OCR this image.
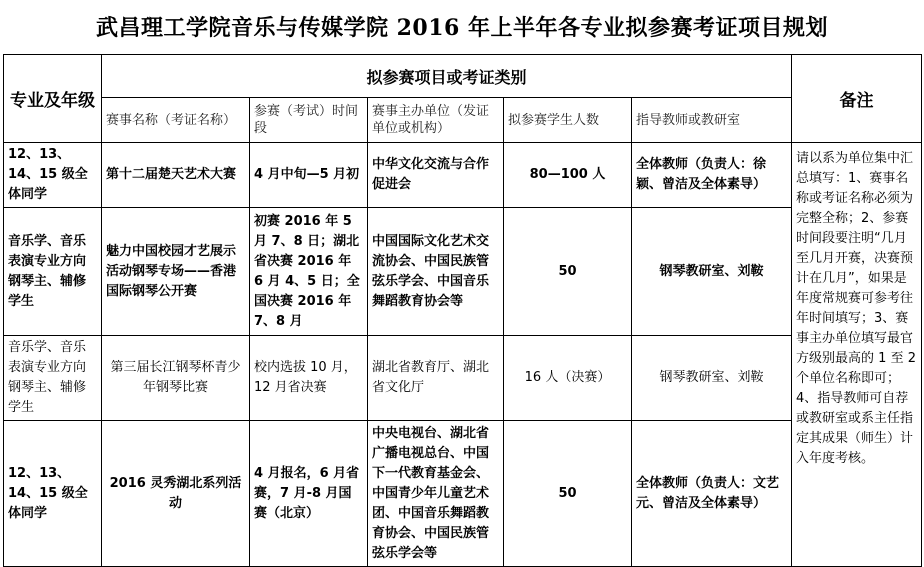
武昌理工学院音乐与传媒学院 2016 年上半年各专业拟参赛考证项目规划
专业及年级	拟参赛项目或考证类别					备注
	赛事名称（考证名称）	参赛（考试）时间段	赛事主办单位（发证单位或机构）	拟参赛学生人数	指导教师或教研室	
12、13、14、15 级全体同学	第十二届楚天艺术大赛	4 月中旬—5 月初	中华文化交流与合作促进会	80—100 人	全体教师（负责人：徐颖、曾洁及全体素导）	请以系为单位集中汇总填写：1、赛事名称或考证名称必须为完整全称；2、参赛时间段要注明“几月至几月开赛，决赛预计在几月”，如果是年度常规赛可参考往年时间填写；3、赛事主办单位填写最官方级别最高的 1 至 2 个单位名称即可；4、指导教师可自荐或教研室或系主任指定其成果（师生）计入年度考核。
音乐学、音乐表演专业方向钢琴主、辅修学生	魅力中国校园才艺展示活动钢琴专场——香港国际钢琴公开赛	初赛 2016 年 5 月 7、8 日；湖北省决赛 2016 年 6 月 4、5 日；全国决赛 2016 年 7、8 月	中国国际文化艺术交流协会、中国民族管弦乐学会、中国音乐舞蹈教育协会等	50	钢琴教研室、刘鞍	
音乐学、音乐表演专业方向钢琴主、辅修学生	第三届长江钢琴杯青少年钢琴比赛	校内选拔 10 月，12 月省决赛	湖北省教育厅、湖北省文化厅	16 人（决赛）	钢琴教研室、刘鞍	
12、13、14、15 级全体同学	2016 灵秀湖北系列活动	4 月报名，6 月省赛，7 月-8 月国赛（北京）	中央电视台、湖北省广播电视总台、中国下一代教育基金会、中国青少年儿童艺术团、中国音乐舞蹈教育协会、中国民族管弦乐学会等	50	全体教师（负责人：文艺元、曾洁及全体素导）	
